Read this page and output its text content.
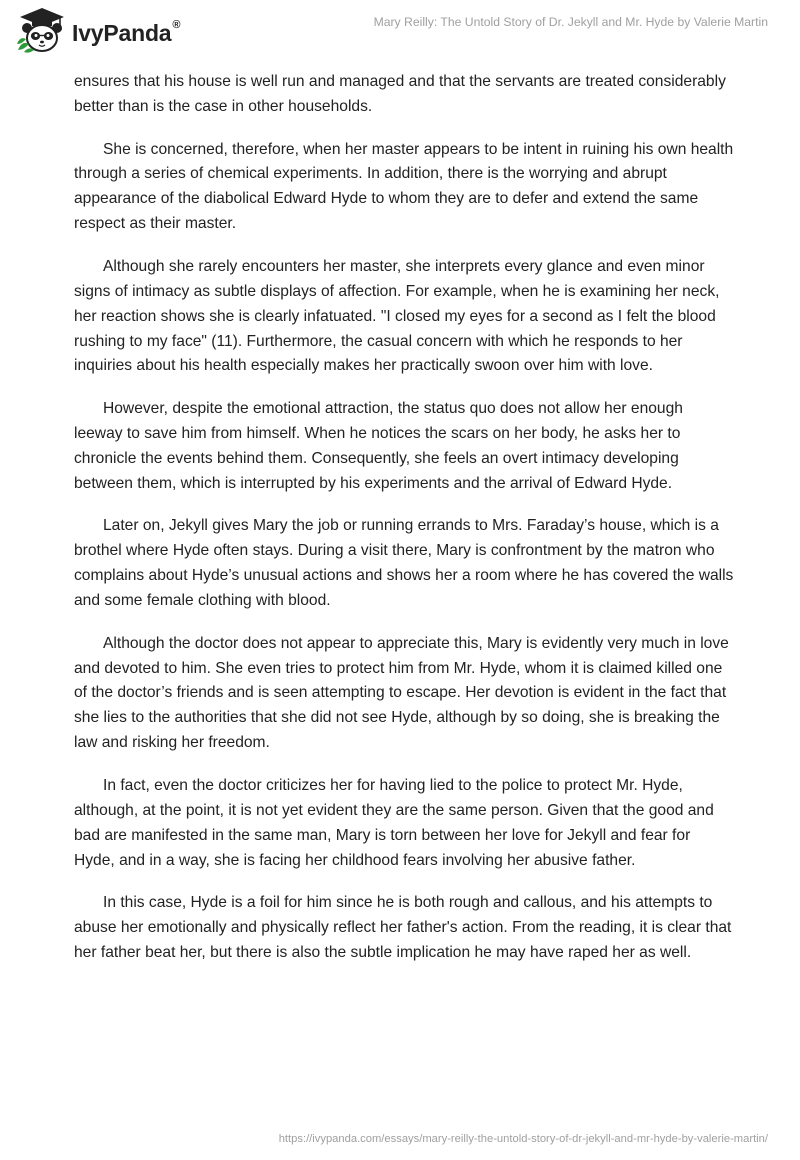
IvyPanda®	Mary Reilly: The Untold Story of Dr. Jekyll and Mr. Hyde by Valerie Martin

ensures that his house is well run and managed and that the servants are treated considerably better than is the case in other households.

She is concerned, therefore, when her master appears to be intent in ruining his own health through a series of chemical experiments. In addition, there is the worrying and abrupt appearance of the diabolical Edward Hyde to whom they are to defer and extend the same respect as their master.

Although she rarely encounters her master, she interprets every glance and even minor signs of intimacy as subtle displays of affection. For example, when he is examining her neck, her reaction shows she is clearly infatuated. "I closed my eyes for a second as I felt the blood rushing to my face" (11). Furthermore, the casual concern with which he responds to her inquiries about his health especially makes her practically swoon over him with love.

However, despite the emotional attraction, the status quo does not allow her enough leeway to save him from himself. When he notices the scars on her body, he asks her to chronicle the events behind them. Consequently, she feels an overt intimacy developing between them, which is interrupted by his experiments and the arrival of Edward Hyde.

Later on, Jekyll gives Mary the job or running errands to Mrs. Faraday’s house, which is a brothel where Hyde often stays. During a visit there, Mary is confrontment by the matron who complains about Hyde’s unusual actions and shows her a room where he has covered the walls and some female clothing with blood.

Although the doctor does not appear to appreciate this, Mary is evidently very much in love and devoted to him. She even tries to protect him from Mr. Hyde, whom it is claimed killed one of the doctor’s friends and is seen attempting to escape. Her devotion is evident in the fact that she lies to the authorities that she did not see Hyde, although by so doing, she is breaking the law and risking her freedom.

In fact, even the doctor criticizes her for having lied to the police to protect Mr. Hyde, although, at the point, it is not yet evident they are the same person. Given that the good and bad are manifested in the same man, Mary is torn between her love for Jekyll and fear for Hyde, and in a way, she is facing her childhood fears involving her abusive father.

In this case, Hyde is a foil for him since he is both rough and callous, and his attempts to abuse her emotionally and physically reflect her father's action. From the reading, it is clear that her father beat her, but there is also the subtle implication he may have raped her as well.

https://ivypanda.com/essays/mary-reilly-the-untold-story-of-dr-jekyll-and-mr-hyde-by-valerie-martin/
